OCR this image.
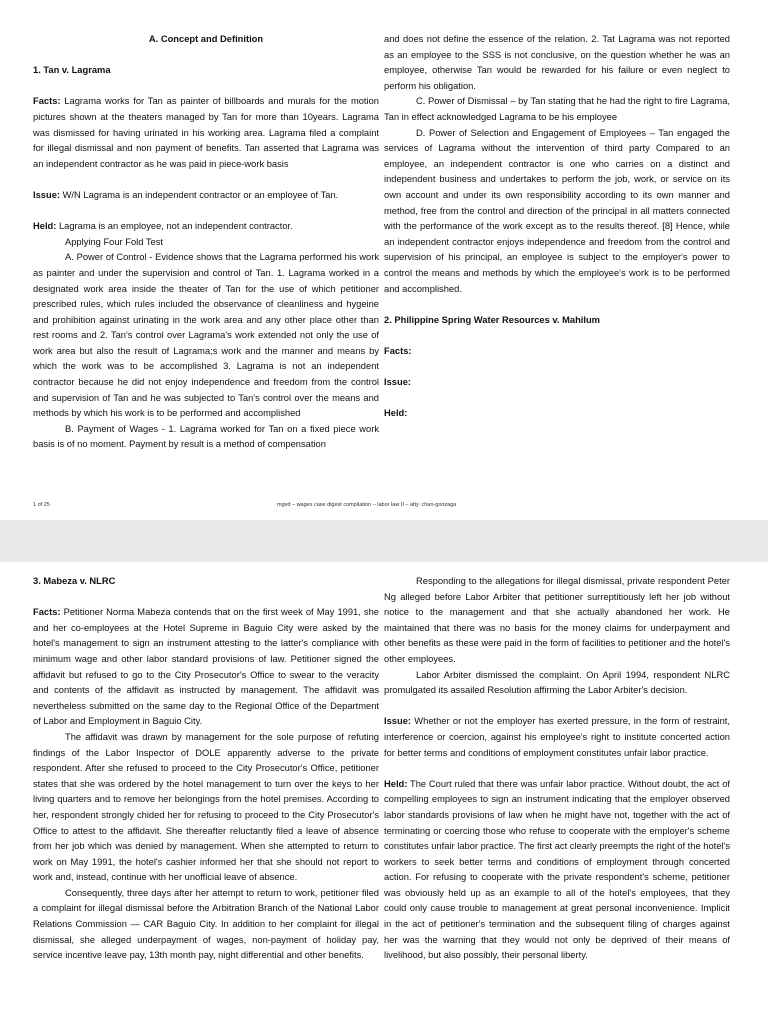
A. Concept and Definition

1. Tan v. Lagrama

Facts: Lagrama works for Tan as painter of billboards and murals for the motion pictures shown at the theaters managed by Tan for more than 10years. Lagrama was dismissed for having urinated in his working area. Lagrama filed a complaint for illegal dismissal and non payment of benefits. Tan asserted that Lagrama was an independent contractor as he was paid in piece-work basis

Issue: W/N Lagrama is an independent contractor or an employee of Tan.

Held: Lagrama is an employee, not an independent contractor.

Applying Four Fold Test

A. Power of Control - Evidence shows that the Lagrama performed his work as painter and under the supervision and control of Tan. 1. Lagrama worked in a designated work area inside the theater of Tan for the use of which petitioner prescribed rules, which rules included the observance of cleanliness and hygeine and prohibition against urinating in the work area and any other place other than rest rooms and 2. Tan's control over Lagrama's work extended not only the use of work area but also the result of Lagrama;s work and the manner and means by which the work was to be accomplished 3. Lagrama is not an independent contractor because he did not enjoy independence and freedom from the control and supervision of Tan and he was subjected to Tan's control over the means and methods by which his work is to be performed and accomplished

B. Payment of Wages - 1. Lagrama worked for Tan on a fixed piece work basis is of no moment. Payment by result is a method of compensation

and does not define the essence of the relation. 2. Tat Lagrama was not reported as an employee to the SSS is not conclusive, on the question whether he was an employee, otherwise Tan would be rewarded for his failure or even neglect to perform his obligation.

C. Power of Dismissal – by Tan stating that he had the right to fire Lagrama, Tan in effect acknowledged Lagrama to be his employee

D. Power of Selection and Engagement of Employees – Tan engaged the services of Lagrama without the intervention of third party Compared to an employee, an independent contractor is one who carries on a distinct and independent business and undertakes to perform the job, work, or service on its own account and under its own responsibility according to its own manner and method, free from the control and direction of the principal in all matters connected with the performance of the work except as to the results thereof. [8] Hence, while an independent contractor enjoys independence and freedom from the control and supervision of his principal, an employee is subject to the employer's power to control the means and methods by which the employee's work is to be performed and accomplished.

2. Philippine Spring Water Resources v. Mahilum

Facts:

Issue:

Held:

1 of 25	mgvd – wages case digest compilation – labor law II – atty. chan-gonzaga

3. Mabeza v. NLRC

Facts: Petitioner Norma Mabeza contends that on the first week of May 1991, she and her co-employees at the Hotel Supreme in Baguio City were asked by the hotel's management to sign an instrument attesting to the latter's compliance with minimum wage and other labor standard provisions of law. Petitioner signed the affidavit but refused to go to the City Prosecutor's Office to swear to the veracity and contents of the affidavit as instructed by management. The affidavit was nevertheless submitted on the same day to the Regional Office of the Department of Labor and Employment in Baguio City.

The affidavit was drawn by management for the sole purpose of refuting findings of the Labor Inspector of DOLE apparently adverse to the private respondent. After she refused to proceed to the City Prosecutor's Office, petitioner states that she was ordered by the hotel management to turn over the keys to her living quarters and to remove her belongings from the hotel premises. According to her, respondent strongly chided her for refusing to proceed to the City Prosecutor's Office to attest to the affidavit. She thereafter reluctantly filed a leave of absence from her job which was denied by management. When she attempted to return to work on May 1991, the hotel's cashier informed her that she should not report to work and, instead, continue with her unofficial leave of absence.

Consequently, three days after her attempt to return to work, petitioner filed a complaint for illegal dismissal before the Arbitration Branch of the National Labor Relations Commission — CAR Baguio City. In addition to her complaint for illegal dismissal, she alleged underpayment of wages, non-payment of holiday pay, service incentive leave pay, 13th month pay, night differential and other benefits.

Responding to the allegations for illegal dismissal, private respondent Peter Ng alleged before Labor Arbiter that petitioner surreptitiously left her job without notice to the management and that she actually abandoned her work. He maintained that there was no basis for the money claims for underpayment and other benefits as these were paid in the form of facilities to petitioner and the hotel's other employees.

Labor Arbiter dismissed the complaint. On April 1994, respondent NLRC promulgated its assailed Resolution affirming the Labor Arbiter's decision.

Issue: Whether or not the employer has exerted pressure, in the form of restraint, interference or coercion, against his employee's right to institute concerted action for better terms and conditions of employment constitutes unfair labor practice.

Held: The Court ruled that there was unfair labor practice. Without doubt, the act of compelling employees to sign an instrument indicating that the employer observed labor standards provisions of law when he might have not, together with the act of terminating or coercing those who refuse to cooperate with the employer's scheme constitutes unfair labor practice. The first act clearly preempts the right of the hotel's workers to seek better terms and conditions of employment through concerted action. For refusing to cooperate with the private respondent's scheme, petitioner was obviously held up as an example to all of the hotel's employees, that they could only cause trouble to management at great personal inconvenience. Implicit in the act of petitioner's termination and the subsequent filing of charges against her was the warning that they would not only be deprived of their means of livelihood, but also possibly, their personal liberty.
